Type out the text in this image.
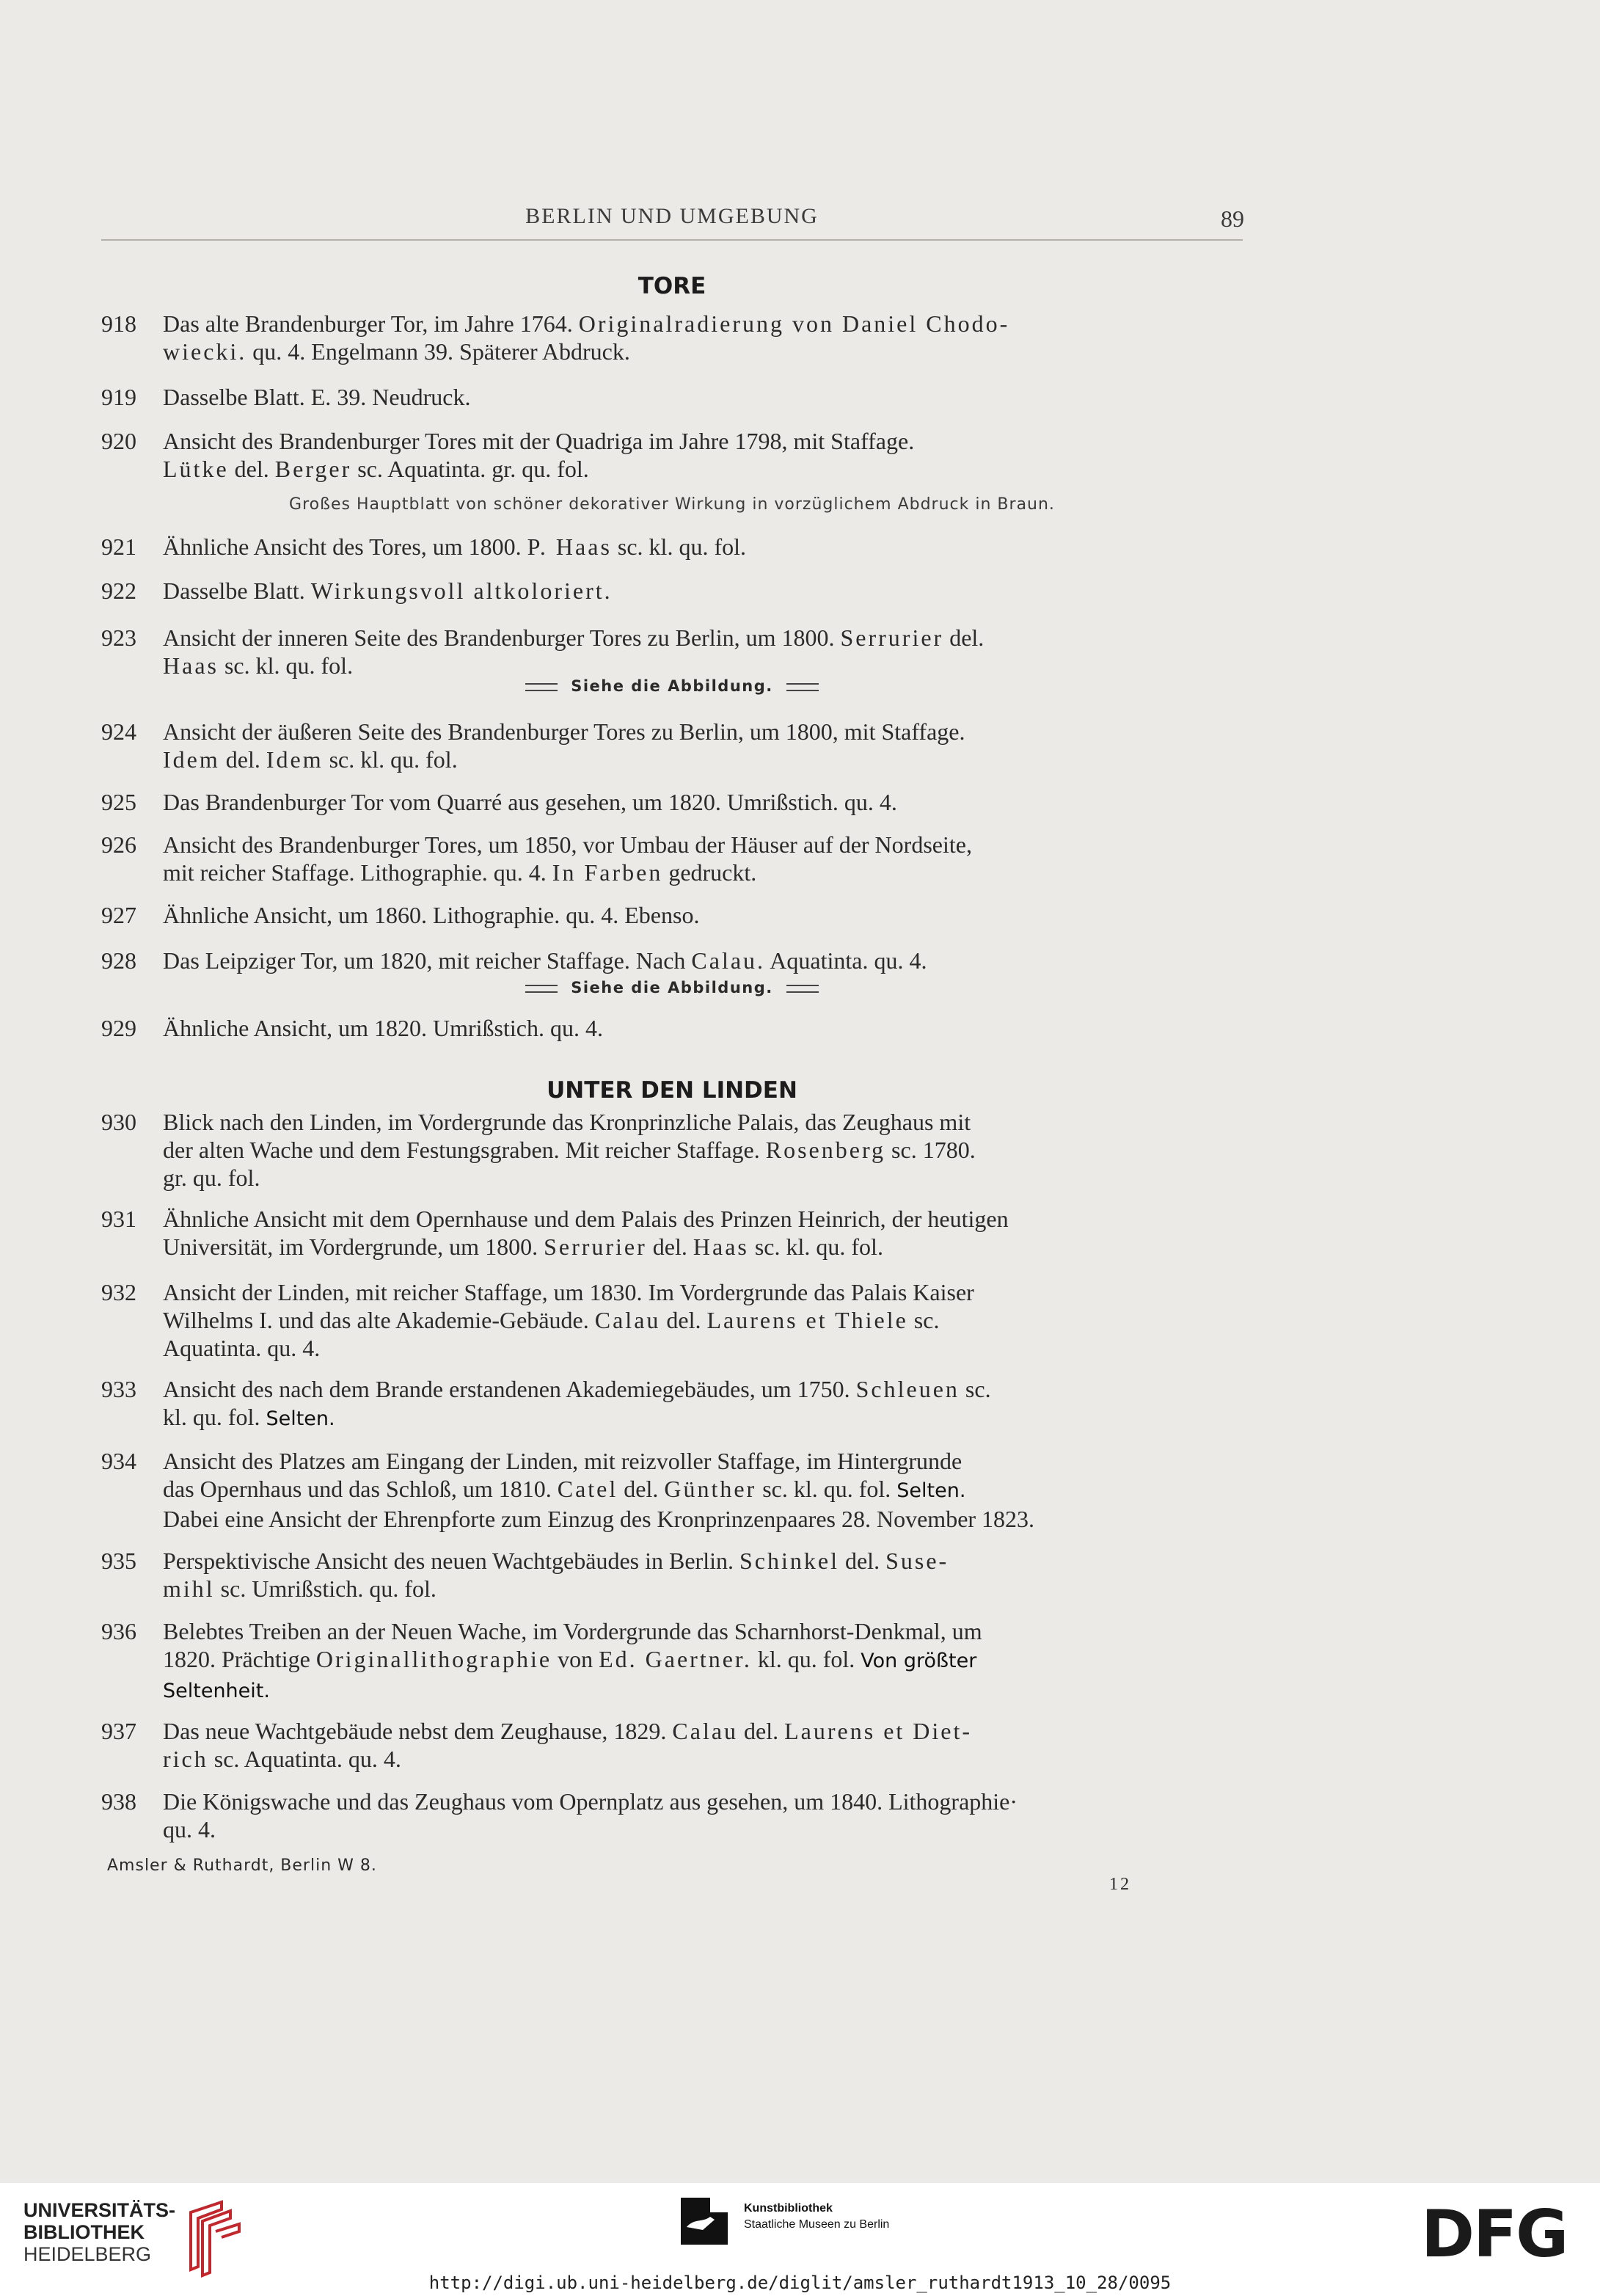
BERLIN UND UMGEBUNG	89
TORE
918	Das alte Brandenburger Tor, im Jahre 1764. Originalradierung von Daniel Chodo-
wiecki. qu. 4. Engelmann 39. Späterer Abdruck.
919	Dasselbe Blatt. E. 39. Neudruck.
920	Ansicht des Brandenburger Tores mit der Quadriga im Jahre 1798, mit Staffage.
Lütke del. Berger sc. Aquatinta. gr. qu. fol.
Großes Hauptblatt von schöner dekorativer Wirkung in vorzüglichem Abdruck in Braun.
921	Ähnliche Ansicht des Tores, um 1800. P. Haas sc. kl. qu. fol.
922	Dasselbe Blatt. Wirkungsvoll altkoloriert.
923	Ansicht der inneren Seite des Brandenburger Tores zu Berlin, um 1800. Serrurier del.
Haas sc. kl. qu. fol.
Siehe die Abbildung.
924	Ansicht der äußeren Seite des Brandenburger Tores zu Berlin, um 1800, mit Staffage.
Idem del. Idem sc. kl. qu. fol.
925	Das Brandenburger Tor vom Quarré aus gesehen, um 1820. Umrißstich. qu. 4.
926	Ansicht des Brandenburger Tores, um 1850, vor Umbau der Häuser auf der Nordseite,
mit reicher Staffage. Lithographie. qu. 4. In Farben gedruckt.
927	Ähnliche Ansicht, um 1860. Lithographie. qu. 4. Ebenso.
928	Das Leipziger Tor, um 1820, mit reicher Staffage. Nach Calau. Aquatinta. qu. 4.
Siehe die Abbildung.
929	Ähnliche Ansicht, um 1820. Umrißstich. qu. 4.
UNTER DEN LINDEN
930	Blick nach den Linden, im Vordergrunde das Kronprinzliche Palais, das Zeughaus mit
der alten Wache und dem Festungsgraben. Mit reicher Staffage. Rosenberg sc. 1780.
gr. qu. fol.
931	Ähnliche Ansicht mit dem Opernhause und dem Palais des Prinzen Heinrich, der heutigen
Universität, im Vordergrunde, um 1800. Serrurier del. Haas sc. kl. qu. fol.
932	Ansicht der Linden, mit reicher Staffage, um 1830. Im Vordergrunde das Palais Kaiser
Wilhelms I. und das alte Akademie-Gebäude. Calau del. Laurens et Thiele sc.
Aquatinta. qu. 4.
933	Ansicht des nach dem Brande erstandenen Akademiegebäudes, um 1750. Schleuen sc.
kl. qu. fol. Selten.
934	Ansicht des Platzes am Eingang der Linden, mit reizvoller Staffage, im Hintergrunde
das Opernhaus und das Schloß, um 1810. Catel del. Günther sc. kl. qu. fol. Selten.
Dabei eine Ansicht der Ehrenpforte zum Einzug des Kronprinzenpaares 28. November 1823.
935	Perspektivische Ansicht des neuen Wachtgebäudes in Berlin. Schinkel del. Suse-
mihl sc. Umrißstich. qu. fol.
936	Belebtes Treiben an der Neuen Wache, im Vordergrunde das Scharnhorst-Denkmal, um
1820. Prächtige Originallithographie von Ed. Gaertner. kl. qu. fol. Von größter
Seltenheit.
937	Das neue Wachtgebäude nebst dem Zeughause, 1829. Calau del. Laurens et Diet-
rich sc. Aquatinta. qu. 4.
938	Die Königswache und das Zeughaus vom Opernplatz aus gesehen, um 1840. Lithographie·
qu. 4.
Amsler & Ruthardt, Berlin W 8.
12
UNIVERSITÄTS-
BIBLIOTHEK
HEIDELBERG
Kunstbibliothek
Staatliche Museen zu Berlin	DFG
http://digi.ub.uni-heidelberg.de/diglit/amsler_ruthardt1913_10_28/0095
